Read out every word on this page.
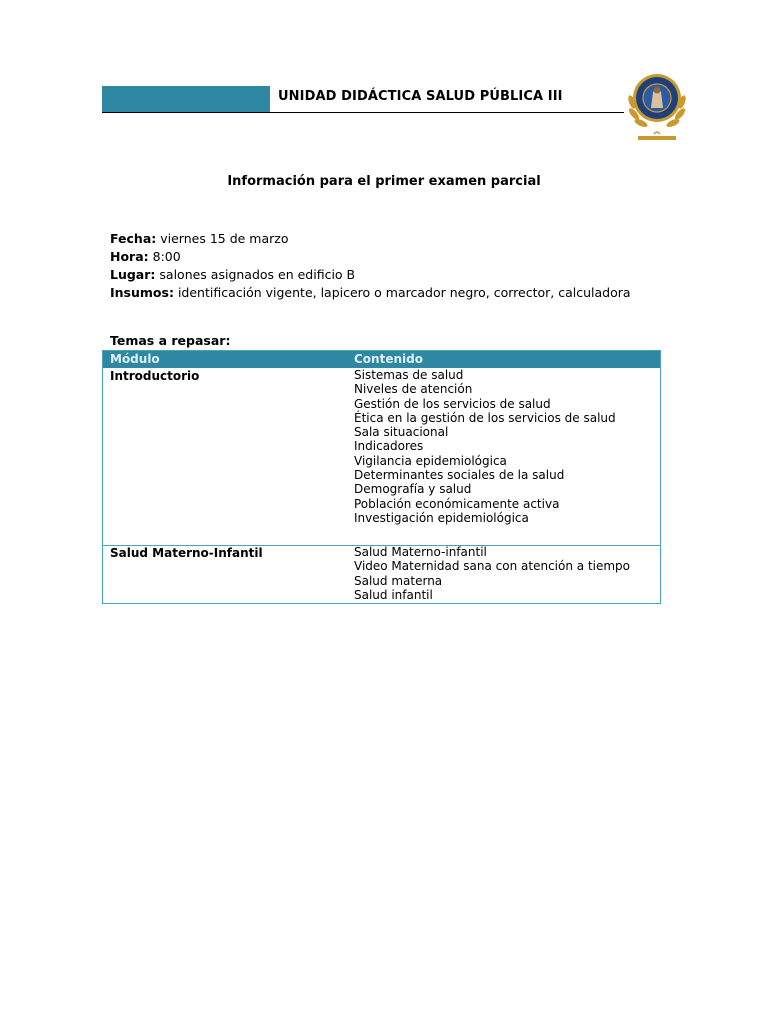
UNIDAD DIDÁCTICA SALUD PÚBLICA III
Información para el primer examen parcial
Fecha: viernes 15 de marzo
Hora: 8:00
Lugar: salones asignados en edificio B
Insumos: identificación vigente, lapicero o marcador negro, corrector, calculadora
Temas a repasar:
Módulo	Contenido
Introductorio	Sistemas de salud
Niveles de atención
Gestión de los servicios de salud
Ética en la gestión de los servicios de salud
Sala situacional
Indicadores
Vigilancia epidemiológica
Determinantes sociales de la salud
Demografía y salud
Población económicamente activa
Investigación epidemiológica
Salud Materno-Infantil	Salud Materno-infantil
Video Maternidad sana con atención a tiempo
Salud materna
Salud infantil
